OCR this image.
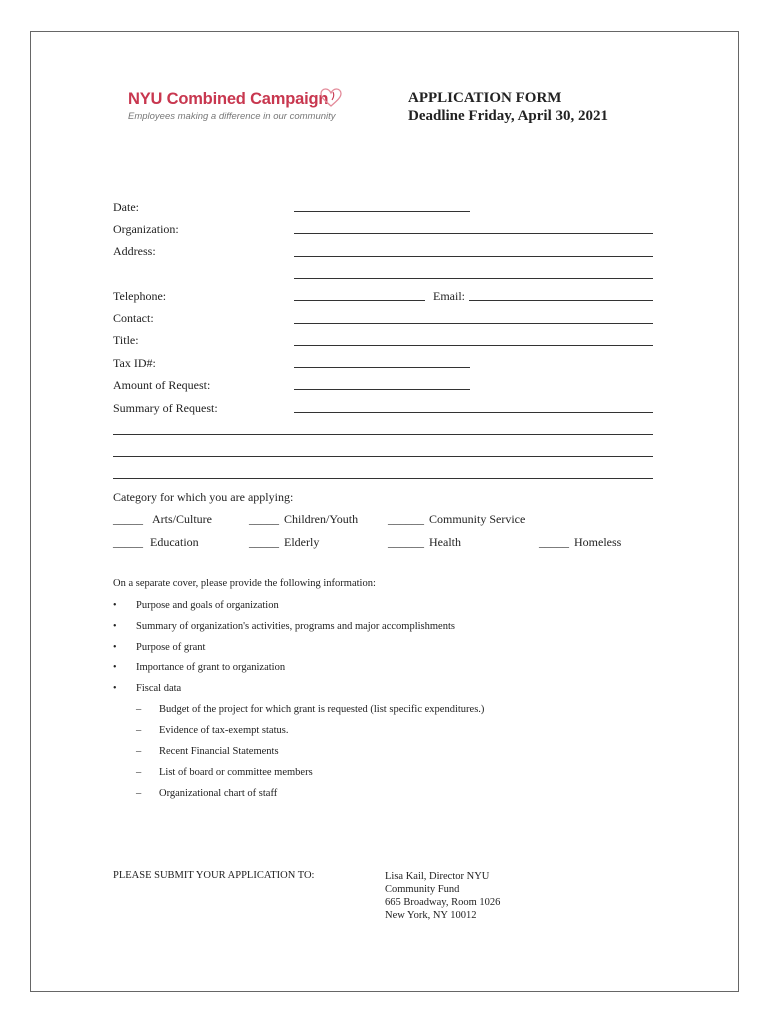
NYU Combined Campaign
Employees making a difference in our community
APPLICATION FORM
Deadline Friday, April 30, 2021
Date:
Organization:
Address:
Telephone:	Email:
Contact:
Title:
Tax ID#:
Amount of Request:
Summary of Request:
Category for which you are applying:
_____ Arts/Culture	_____ Children/Youth ______ Community Service
_____ Education	_____ Elderly	______ Health	_____ Homeless
On a separate cover, please provide the following information:
• Purpose and goals of organization
• Summary of organization's activities, programs and major accomplishments
• Purpose of grant
• Importance of grant to organization
• Fiscal data
– Budget of the project for which grant is requested (list specific expenditures.)
– Evidence of tax-exempt status.
– Recent Financial Statements
– List of board or committee members
– Organizational chart of staff
PLEASE SUBMIT YOUR APPLICATION TO:	Lisa Kail, Director NYU
Community Fund
665 Broadway, Room 1026
New York, NY 10012
